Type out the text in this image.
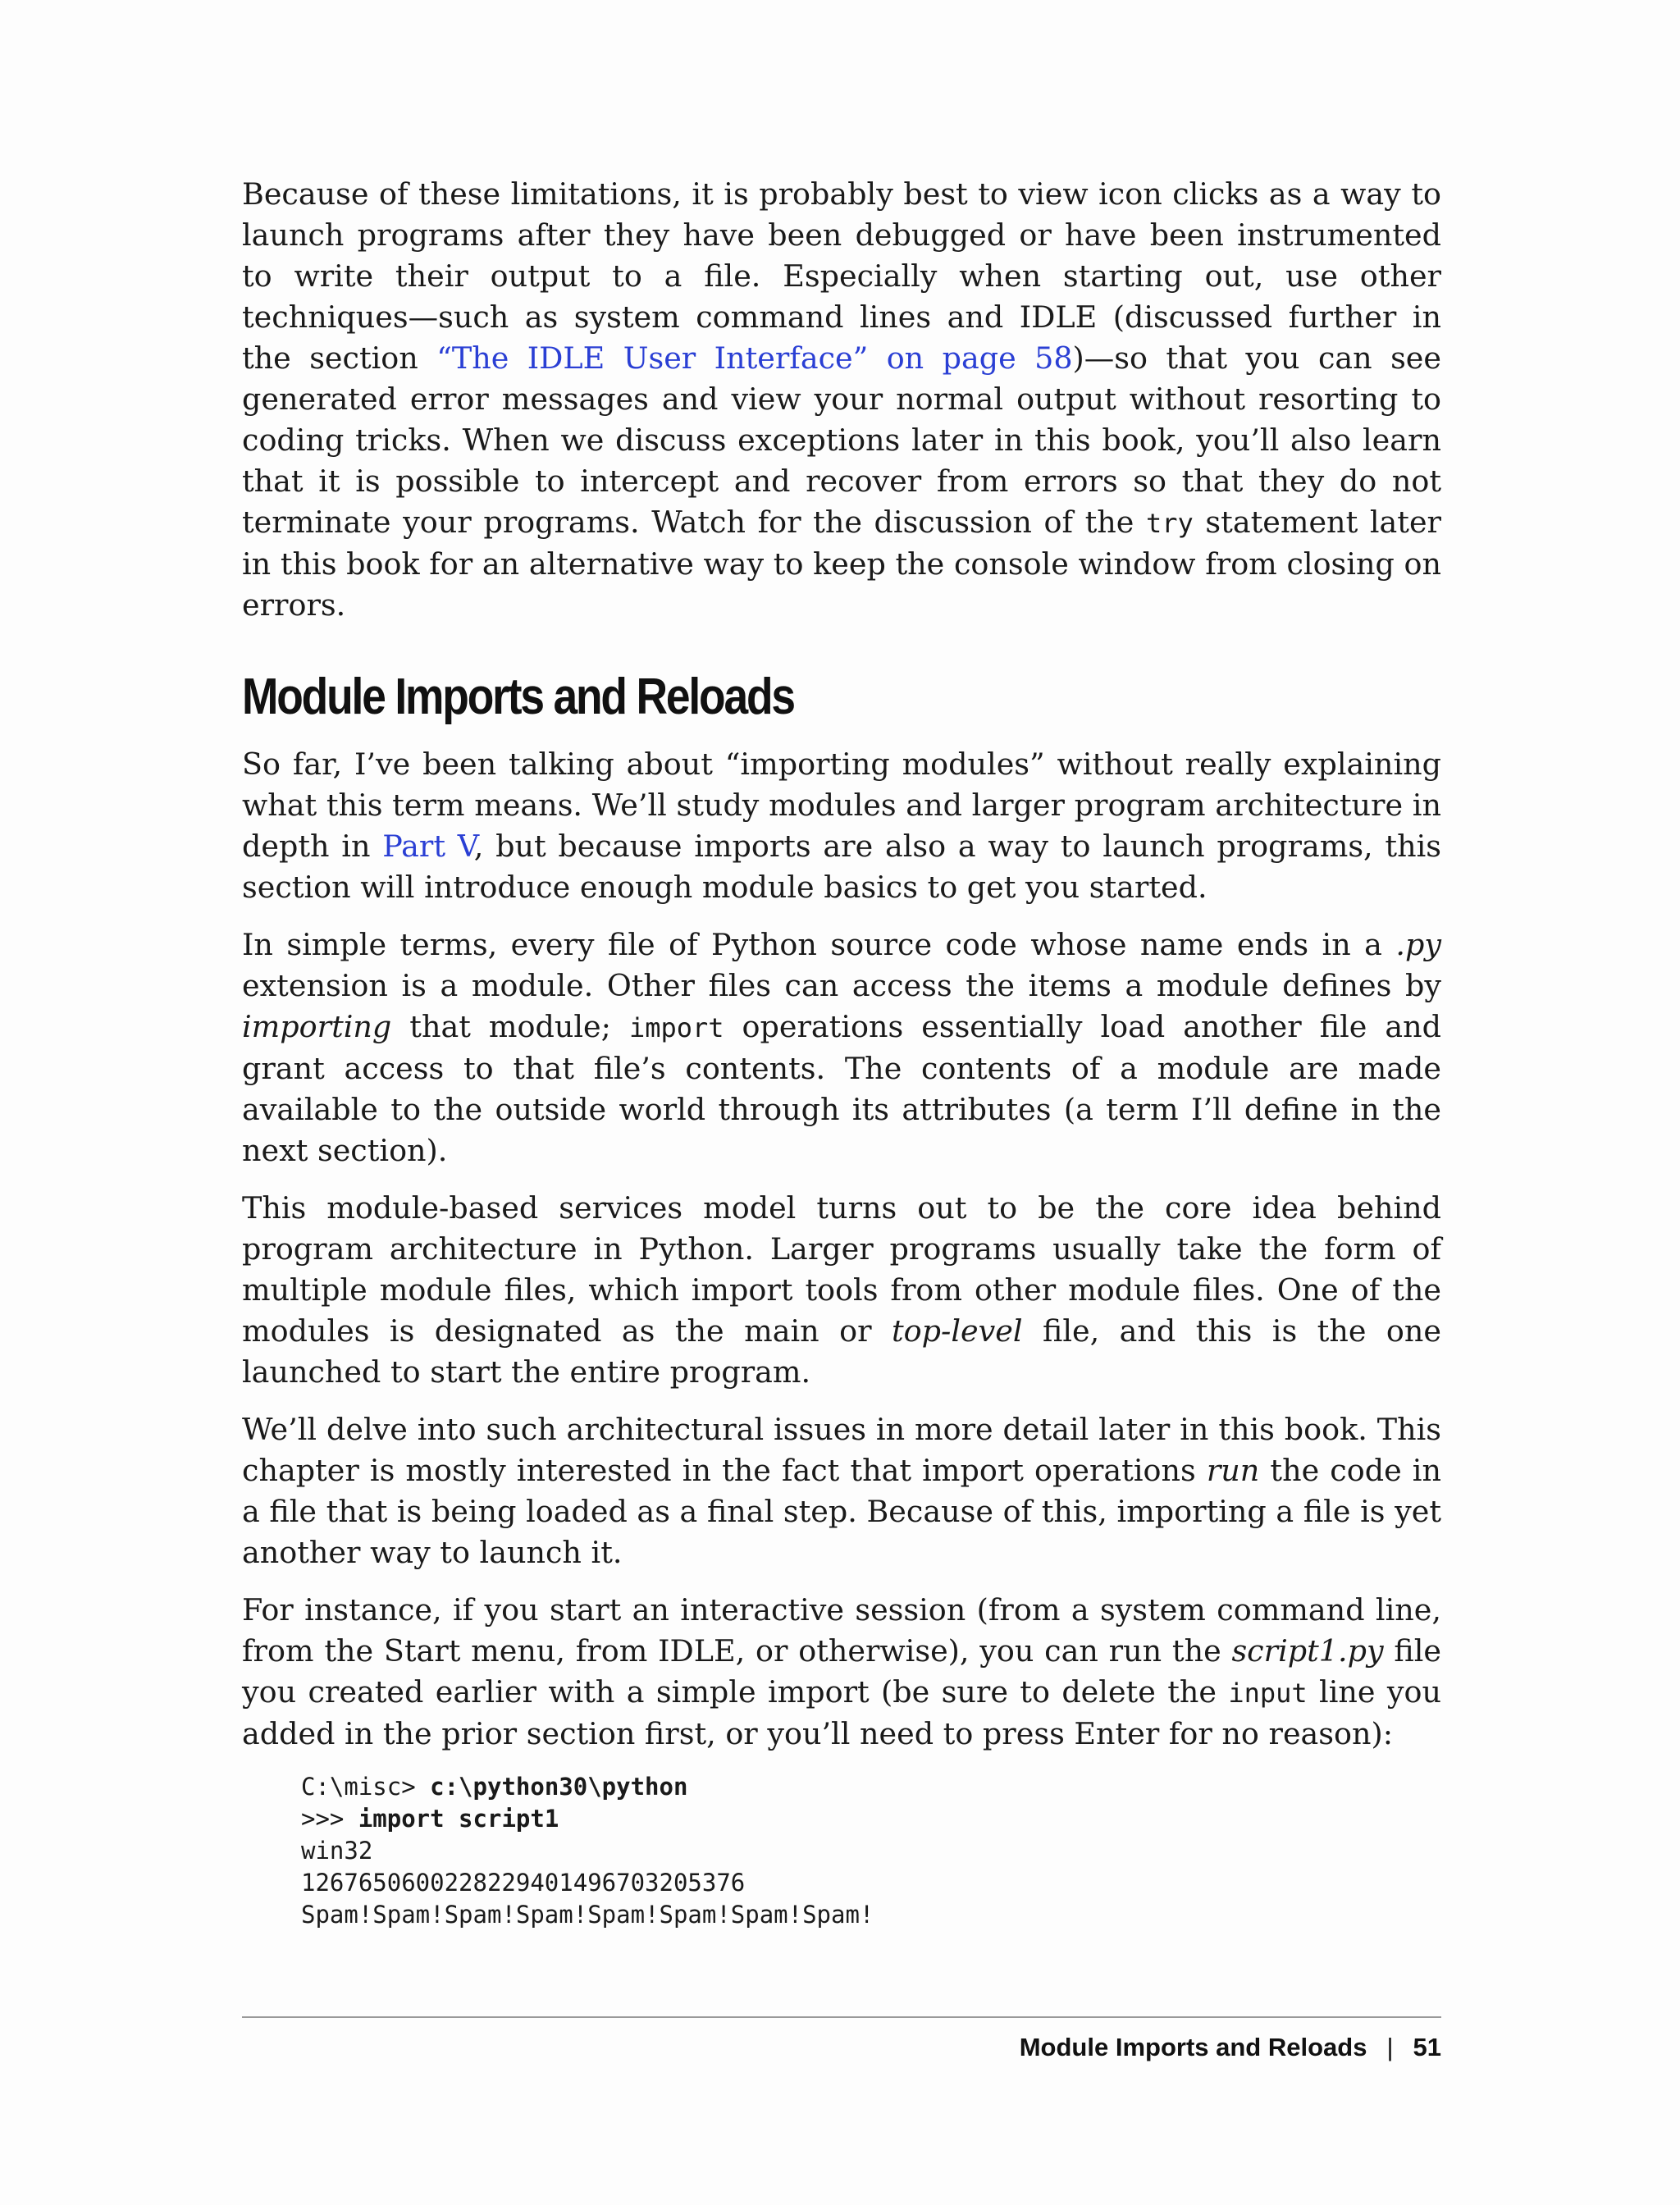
Because of these limitations, it is probably best to view icon clicks as a way to launch programs after they have been debugged or have been instrumented to write their output to a file. Especially when starting out, use other techniques—such as system command lines and IDLE (discussed further in the section “The IDLE User Interface” on page 58)—so that you can see generated error messages and view your normal output without resorting to coding tricks. When we discuss exceptions later in this book, you’ll also learn that it is possible to intercept and recover from errors so that they do not terminate your programs. Watch for the discussion of the try statement later in this book for an alternative way to keep the console window from closing on errors.

Module Imports and Reloads

So far, I’ve been talking about “importing modules” without really explaining what this term means. We’ll study modules and larger program architecture in depth in Part V, but because imports are also a way to launch programs, this section will introduce enough module basics to get you started.

In simple terms, every file of Python source code whose name ends in a .py extension is a module. Other files can access the items a module defines by importing that module; import operations essentially load another file and grant access to that file’s contents. The contents of a module are made available to the outside world through its attributes (a term I’ll define in the next section).

This module-based services model turns out to be the core idea behind program architecture in Python. Larger programs usually take the form of multiple module files, which import tools from other module files. One of the modules is designated as the main or top-level file, and this is the one launched to start the entire program.

We’ll delve into such architectural issues in more detail later in this book. This chapter is mostly interested in the fact that import operations run the code in a file that is being loaded as a final step. Because of this, importing a file is yet another way to launch it.

For instance, if you start an interactive session (from a system command line, from the Start menu, from IDLE, or otherwise), you can run the script1.py file you created earlier with a simple import (be sure to delete the input line you added in the prior section first, or you’ll need to press Enter for no reason):

C:\misc> c:\python30\python
>>> import script1
win32
1267650600228229401496703205376
Spam!Spam!Spam!Spam!Spam!Spam!Spam!Spam!
Module Imports and Reloads | 51
